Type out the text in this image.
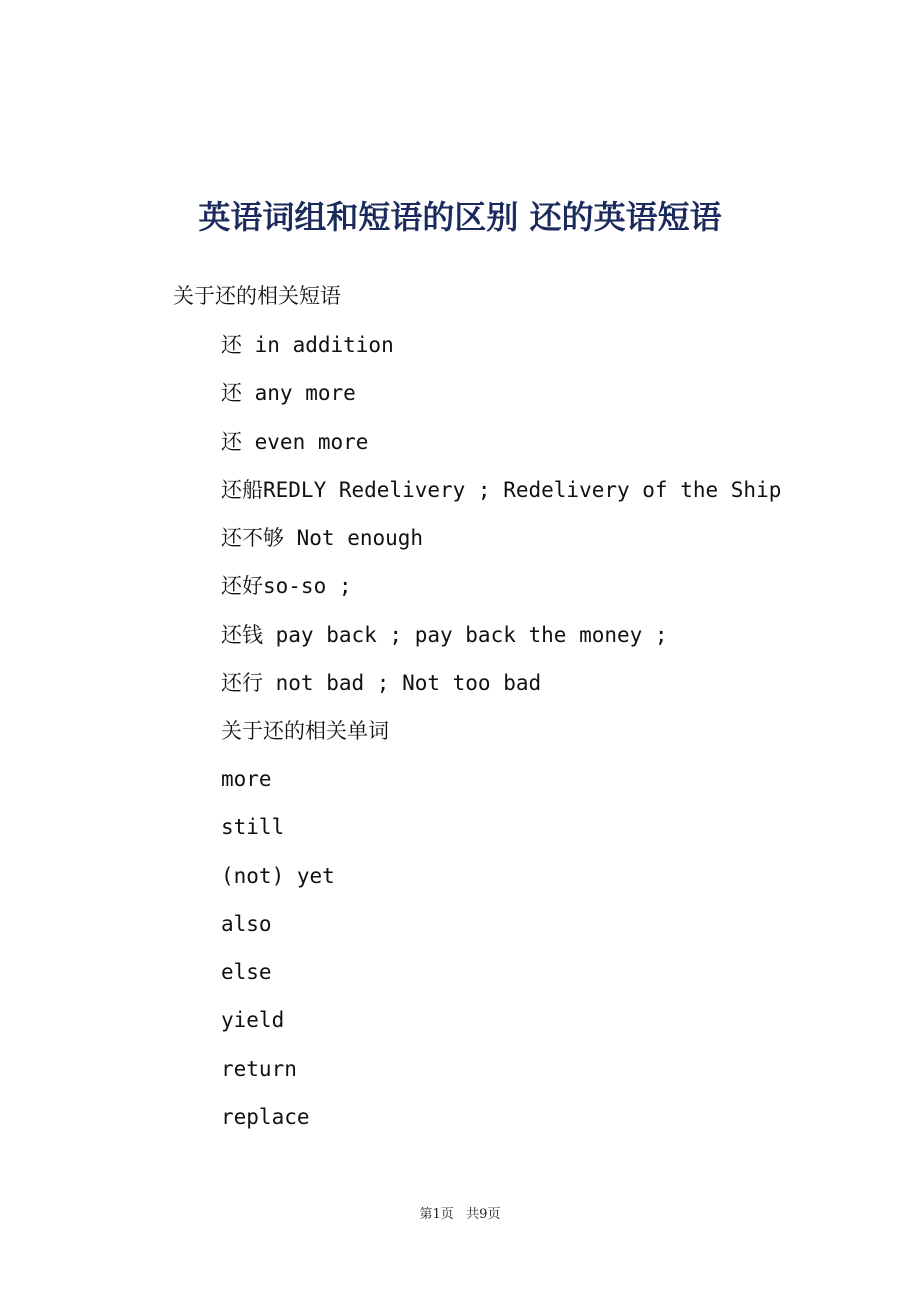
英语词组和短语的区别 还的英语短语
关于还的相关短语
还 in addition
还 any more
还 even more
还船REDLY Redelivery ; Redelivery of the Ship
还不够 Not enough
还好so-so ;
还钱 pay back ; pay back the money ;
还行 not bad ; Not too bad
关于还的相关单词
more
still
(not) yet
also
else
yield
return
replace
第1页   共9页
